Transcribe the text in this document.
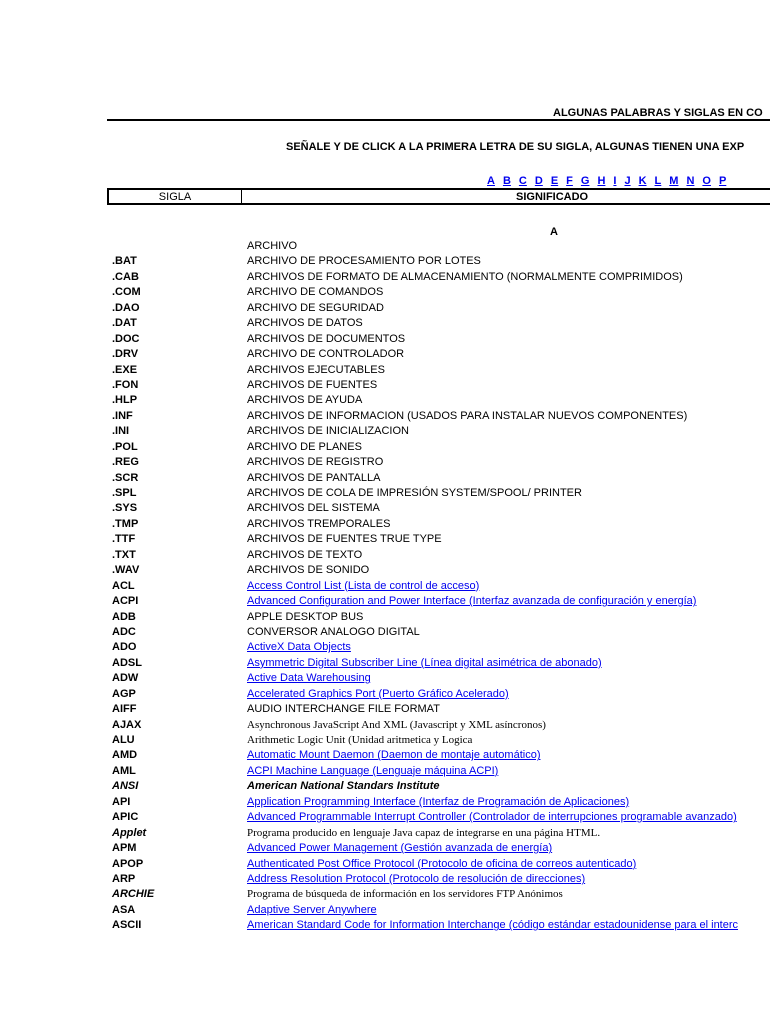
ALGUNAS PALABRAS Y SIGLAS EN CO
SEÑALE Y DE CLICK A LA PRIMERA LETRA DE SU SIGLA, ALGUNAS TIENEN UNA EXP
A B C D E F G H I J K L M N O P
SIGLA	SIGNIFICADO
A
ARCHIVO
.BAT	ARCHIVO DE PROCESAMIENTO POR LOTES
.CAB	ARCHIVOS DE FORMATO DE ALMACENAMIENTO (NORMALMENTE COMPRIMIDOS)
.COM	ARCHIVO DE COMANDOS
.DAO	ARCHIVO DE SEGURIDAD
.DAT	ARCHIVOS DE DATOS
.DOC	ARCHIVOS DE DOCUMENTOS
.DRV	ARCHIVO DE CONTROLADOR
.EXE	ARCHIVOS EJECUTABLES
.FON	ARCHIVOS DE FUENTES
.HLP	ARCHIVOS DE AYUDA
.INF	ARCHIVOS DE INFORMACION (USADOS PARA INSTALAR NUEVOS COMPONENTES)
.INI	ARCHIVOS DE INICIALIZACION
.POL	ARCHIVO DE PLANES
.REG	ARCHIVOS DE REGISTRO
.SCR	ARCHIVOS DE PANTALLA
.SPL	ARCHIVOS DE COLA DE IMPRESIÓN SYSTEM/SPOOL/ PRINTER
.SYS	ARCHIVOS DEL SISTEMA
.TMP	ARCHIVOS TREMPORALES
.TTF	ARCHIVOS DE FUENTES TRUE TYPE
.TXT	ARCHIVOS DE TEXTO
.WAV	ARCHIVOS DE SONIDO
ACL	Access Control List (Lista de control de acceso)
ACPI	Advanced Configuration and Power Interface (Interfaz avanzada de configuración y energía)
ADB	APPLE DESKTOP BUS
ADC	CONVERSOR ANALOGO DIGITAL
ADO	ActiveX Data Objects
ADSL	Asymmetric Digital Subscriber Line (Línea digital asimétrica de abonado)
ADW	Active Data Warehousing
AGP	Accelerated Graphics Port (Puerto Gráfico Acelerado)
AIFF	AUDIO INTERCHANGE FILE FORMAT
AJAX	Asynchronous JavaScript And XML (Javascript y XML asíncronos)
ALU	Arithmetic Logic Unit (Unidad aritmetica y Logica
AMD	Automatic Mount Daemon (Daemon de montaje automático)
AML	ACPI Machine Language (Lenguaje máquina ACPI)
ANSI	American National Standars Institute
API	Application Programming Interface (Interfaz de Programación de Aplicaciones)
APIC	Advanced Programmable Interrupt Controller (Controlador de interrupciones programable avanzado)
Applet	Programa producido en lenguaje Java capaz de integrarse en una página HTML.
APM	Advanced Power Management (Gestión avanzada de energía)
APOP	Authenticated Post Office Protocol (Protocolo de oficina de correos autenticado)
ARP	Address Resolution Protocol (Protocolo de resolución de direcciones)
ARCHIE	Programa de búsqueda de información en los servidores FTP Anónimos
ASA	Adaptive Server Anywhere
ASCII	American Standard Code for Information Interchange (código estándar estadounidense para el interc
